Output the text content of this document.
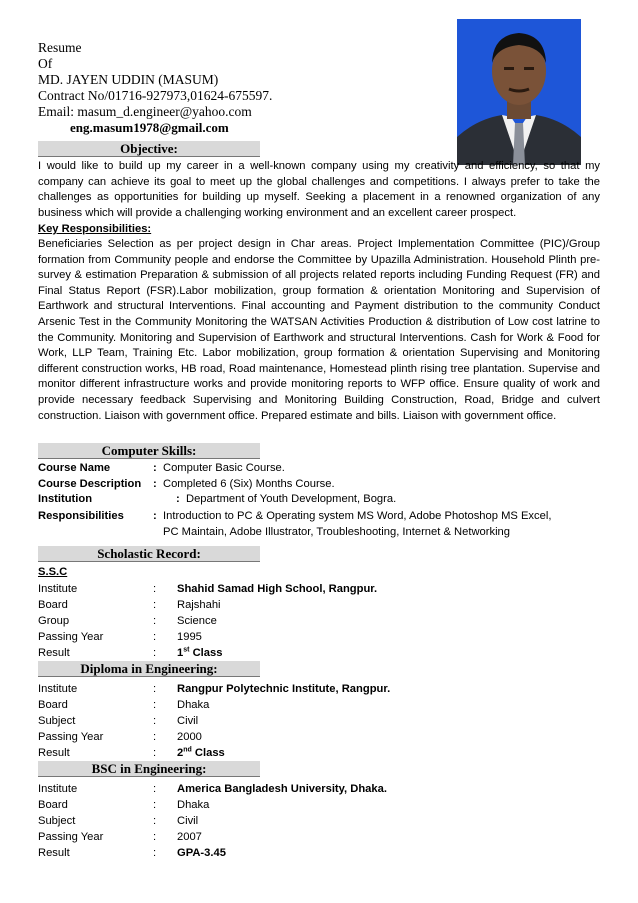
Resume
Of
MD. JAYEN UDDIN (MASUM)
Contract No/01716-927973,01624-675597.
Email: masum_d.engineer@yahoo.com
eng.masum1978@gmail.com
Objective:

I would like to build up my career in a well-known company using my creativity and efficiency, so that my company can achieve its goal to meet up the global challenges and competitions. I always prefer to take the challenges as opportunities for building up myself. Seeking a placement in a renowned organization of any business which will provide a challenging working environment and an excellent career prospect.

Key Responsibilities:

Beneficiaries Selection as per project design in Char areas. Project Implementation Committee (PIC)/Group formation from Community people and endorse the Committee by Upazilla Administration. Household Plinth pre-survey & estimation Preparation & submission of all projects related reports including Funding Request (FR) and Final Status Report (FSR).Labor mobilization, group formation & orientation Monitoring and Supervision of Earthwork and structural Interventions. Final accounting and Payment distribution to the community Conduct Arsenic Test in the Community Monitoring the WATSAN Activities Production & distribution of Low cost latrine to the Community. Monitoring and Supervision of Earthwork and structural Interventions. Cash for Work & Food for Work, LLP Team, Training Etc. Labor mobilization, group formation & orientation Supervising and Monitoring different construction works, HB road, Road maintenance, Homestead plinth rising tree plantation. Supervise and monitor different infrastructure works and provide monitoring reports to WFP office. Ensure quality of work and provide necessary feedback Supervising and Monitoring Building Construction, Road, Bridge and culvert construction. Liaison with government office. Prepared estimate and bills. Liaison with government office.

Computer Skills:
Course Name	: Computer Basic Course.
Course Description : Completed 6 (Six) Months Course.
Institution	: Department of Youth Development, Bogra.
Responsibilities	: Introduction to PC & Operating system MS Word, Adobe Photoshop MS Excel,
PC Maintain, Adobe Illustrator, Troubleshooting, Internet & Networking
Scholastic Record:
S.S.C
Institute	: Shahid Samad High School, Rangpur.
Board	: Rajshahi
Group	: Science
Passing Year	: 1995
Result	: 1st Class
Diploma in Engineering:
Institute	: Rangpur Polytechnic Institute, Rangpur.
Board	: Dhaka
Subject	: Civil
Passing Year	: 2000
Result	: 2nd Class
BSC in Engineering:
Institute	: America Bangladesh University, Dhaka.
Board	: Dhaka
Subject	: Civil
Passing Year	: 2007
Result	: GPA-3.45
